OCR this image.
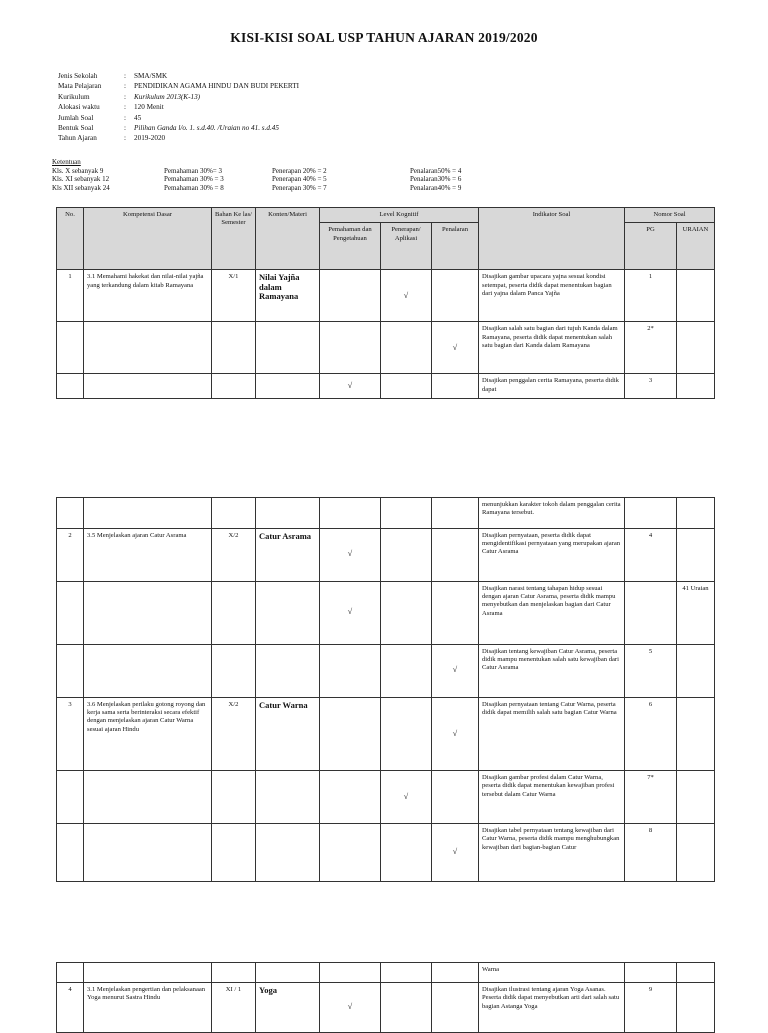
KISI-KISI SOAL USP TAHUN AJARAN 2019/2020
Jenis Sekolah	:	SMA/SMK
Mata Pelajaran	:	PENDIDIKAN AGAMA HINDU DAN BUDI PEKERTI
Kurikulum	:	Kurikulum 2013(K-13)
Alokasi waktu	:	120 Menit
Jumlah Soal	:	45
Bentuk Soal	:	Pilihan Ganda l/o. 1. s.d.40. /Uraian no 41. s.d.45
Tahun Ajaran	:	2019-2020
Ketentuan
Kls. X sebanyak 9	Pemahaman 30%= 3	Penerapan 20% = 2	Penalaran50% = 4
Kls. XI sebanyak 12	Pemahaman 30% = 3	Penerapan 40% = 5	Penalaran30% = 6
Kls XII sebanyak 24	Pemahaman 30% = 8	Penerapan 30% = 7	Penalaran40% = 9
No.	Kompetensi Dasar	Bahan Ke las/ Semester	Konten/Materi	Level Kognitif			Indikator Soal	Nomor Soal	
				Pemahaman dan Pengetahuan	Penerapan/ Aplikasi	Penalaran		PG	URAIAN
1	3.1 Memahami hakekat dan nilai-nilai yajña yang terkandung dalam kitab Ramayana	X/1	Nilai Yajña dalam Ramayana		√		Disajikan gambar upacara yajna sesuai kondisi setempat, peserta didik dapat menentukan bagian dari yajna dalam Panca Yajña	1	

						√	Disajikan salah satu bagian dari tujuh Kanda dalam Ramayana, peserta didik dapat menentukan salah satu bagian dari Kanda dalam Ramayana	2*	

				√			Disajikan penggalan cerita Ramayana, peserta didik dapat	3	
							menunjukkan karakter tokoh dalam penggalan cerita Ramayana tersebut.		
2	3.5 Menjelaskan ajaran Catur Asrama	X/2	Catur Asrama	√			Disajikan pernyataan, peserta didik dapat mengidentifikasi pernyataan yang merupakan ajaran Catur Asrama	4	

				√			Disajikan narasi tentang tahapan hidup sesuai dengan ajaran Catur Asrama, peserta didik mampu menyebutkan dan menjelaskan bagian dari Catur Asrama		41 Uraian

						√	Disajikan tentang kewajiban Catur Asrama, peserta didik mampu menentukan salah satu kewajiban dari Catur Asrama	5	
3	3.6 Menjelaskan perilaku gotong royong dan kerja sama serta berinteraksi secara efektif dengan menjelaskan ajaran Catur Warna sesuai ajaran Hindu	X/2	Catur Warna			√	Disajikan pernyataan tentang Catur Warna, peserta didik dapat memilih salah satu bagian Catur Warna	6	

					√		Disajikan gambar profesi dalam Catur Warna, peserta didik dapat menentukan kewajiban profesi tersebut dalam Catur Warna	7*	

						√	Disajikan tabel pernyataan tentang kewajiban dari Catur Warna, peserta didik mampu menghubungkan kewajiban dari bagian-bagian Catur	8	
							Warna		
4	3.1 Menjelaskan pengertian dan pelaksanaan Yoga menurut Sastra Hindu	XI / 1	Yoga	√			Disajikan ilustrasi tentang ajaran Yoga Asanas. Peserta didik dapat menyebutkan arti dari salah satu bagian Astanga Yoga	9	
